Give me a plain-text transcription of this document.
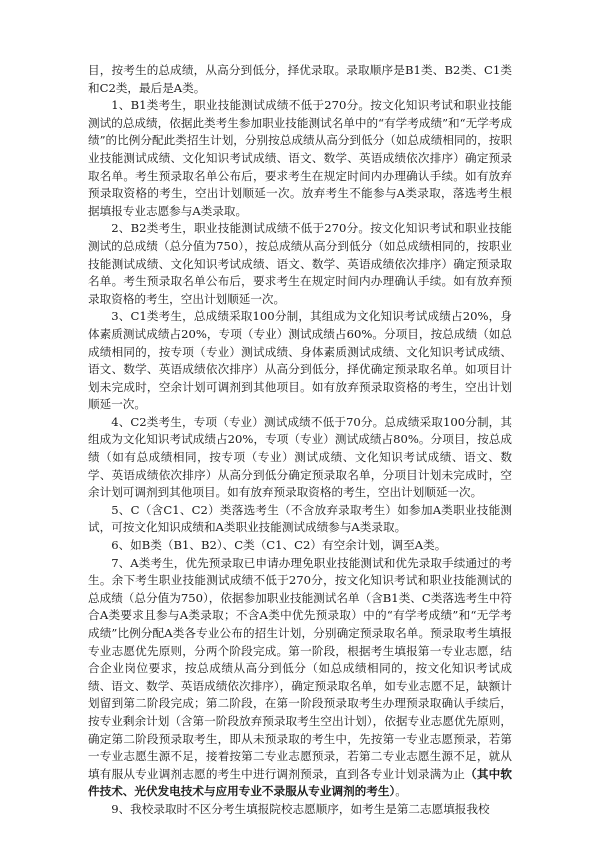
目，按考生的总成绩，从高分到低分，择优录取。录取顺序是B1类、B2类、C1类和C2类，最后是A类。

1、B1类考生，职业技能测试成绩不低于270分。按文化知识考试和职业技能测试的总成绩，依据此类考生参加职业技能测试名单中的“有学考成绩”和“无学考成绩”的比例分配此类招生计划，分别按总成绩从高分到低分（如总成绩相同的，按职业技能测试成绩、文化知识考试成绩、语文、数学、英语成绩依次排序）确定预录取名单。考生预录取名单公布后，要求考生在规定时间内办理确认手续。如有放弃预录取资格的考生，空出计划顺延一次。放弃考生不能参与A类录取，落选考生根据填报专业志愿参与A类录取。

2、B2类考生，职业技能测试成绩不低于270分。按文化知识考试和职业技能测试的总成绩（总分值为750），按总成绩从高分到低分（如总成绩相同的，按职业技能测试成绩、文化知识考试成绩、语文、数学、英语成绩依次排序）确定预录取名单。考生预录取名单公布后，要求考生在规定时间内办理确认手续。如有放弃预录取资格的考生，空出计划顺延一次。

3、C1类考生，总成绩采取100分制，其组成为文化知识考试成绩占20%，身体素质测试成绩占20%，专项（专业）测试成绩占60%。分项目，按总成绩（如总成绩相同的，按专项（专业）测试成绩、身体素质测试成绩、文化知识考试成绩、语文、数学、英语成绩依次排序）从高分到低分，择优确定预录取名单。如项目计划未完成时，空余计划可调剂到其他项目。如有放弃预录取资格的考生，空出计划顺延一次。

4、C2类考生，专项（专业）测试成绩不低于70分。总成绩采取100分制，其组成为文化知识考试成绩占20%，专项（专业）测试成绩占80%。分项目，按总成绩（如有总成绩相同，按专项（专业）测试成绩、文化知识考试成绩、语文、数学、英语成绩依次排序）从高分到低分确定预录取名单，分项目计划未完成时，空余计划可调剂到其他项目。如有放弃预录取资格的考生，空出计划顺延一次。

5、C（含C1、C2）类落选考生（不含放弃录取考生）如参加A类职业技能测试，可按文化知识成绩和A类职业技能测试成绩参与A类录取。

6、如B类（B1、B2）、C类（C1、C2）有空余计划，调至A类。

7、A类考生，优先预录取已申请办理免职业技能测试和优先录取手续通过的考生。余下考生职业技能测试成绩不低于270分，按文化知识考试和职业技能测试的总成绩（总分值为750），依据参加职业技能测试名单（含B1类、C类落选考生中符合A类要求且参与A类录取；不含A类中优先预录取）中的“有学考成绩”和“无学考成绩”比例分配A类各专业公布的招生计划，分别确定预录取名单。预录取考生填报专业志愿优先原则，分两个阶段完成。第一阶段，根据考生填报第一专业志愿，结合企业岗位要求，按总成绩从高分到低分（如总成绩相同的，按文化知识考试成绩、语文、数学、英语成绩依次排序），确定预录取名单，如专业志愿不足，缺额计划留到第二阶段完成；第二阶段，在第一阶段预录取考生办理预录取确认手续后，按专业剩余计划（含第一阶段放弃预录取考生空出计划），依据专业志愿优先原则，确定第二阶段预录取考生，即从未预录取的考生中，先按第一专业志愿预录，若第一专业志愿生源不足，接着按第二专业志愿预录，若第二专业志愿生源不足，就从填有服从专业调剂志愿的考生中进行调剂预录，直到各专业计划录满为止（其中软件技术、光伏发电技术与应用专业不录服从专业调剂的考生）。

9、我校录取时不区分考生填报院校志愿顺序，如考生是第二志愿填报我校
